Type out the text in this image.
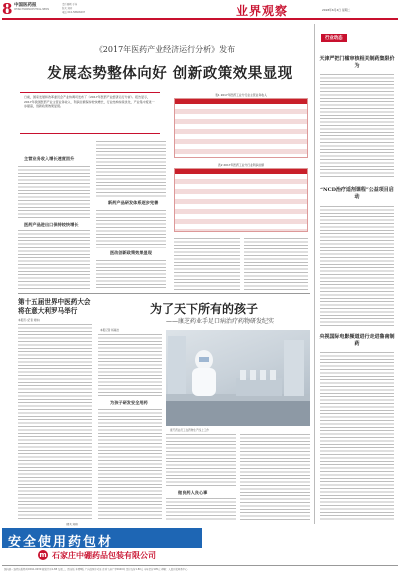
8 中国医药报
CHINA PHARMACEUTICAL NEWS
责任编辑 于佳
版式 刘芳
电话 010-58606097	业界观察	2018年6月4日 星期二
《2017年医药产业经济运行分析》发布
发展态势整体向好 创新政策效果显现
日前，国家发展和改革委员会产业协调司发布了《2017年医药产业经济运行分析》。报告显示，2017年我国医药产业主营业务收入、利润总额保持较快增长，行业结构持续优化，产业集中度进一步提高，创新政策效果显现。
主营业务收入增长速度回升
医药产品进出口保持较快增长
新药产品研发体系逐步完善
医改创新政策效果显现
表1 2017年医药工业分行业主营业务收入
表2 2017年医药工业分行业利润总额
第十五届世界中医药大会将在意大利罗马举行
本报讯 (记者 刘炜)
(周欢 刘炜)
为了天下所有的孩子
——康芝药业手足口病治疗药物研发纪实
本报记者 杨雨洁
康芝药业员工在药物生产线上工作
为孩子研发安全用药
做良药人良心事
行业动态
天津严把门槛审核相关制药集限价为
“NCD治疗适剂课程”公益项目启动
央视国际电影频道进行走进鲁南制药
安全使用药包材
m 石家庄中硼药品包装有限公司
国内统一连续出版物号CN11-0039 邮发代号1-88 每周二、四出版 本期8版 广告经营许可证 京西工商广字0040号 定价每份1.80元 全年定价195元 印刷：人民日报印务中心
